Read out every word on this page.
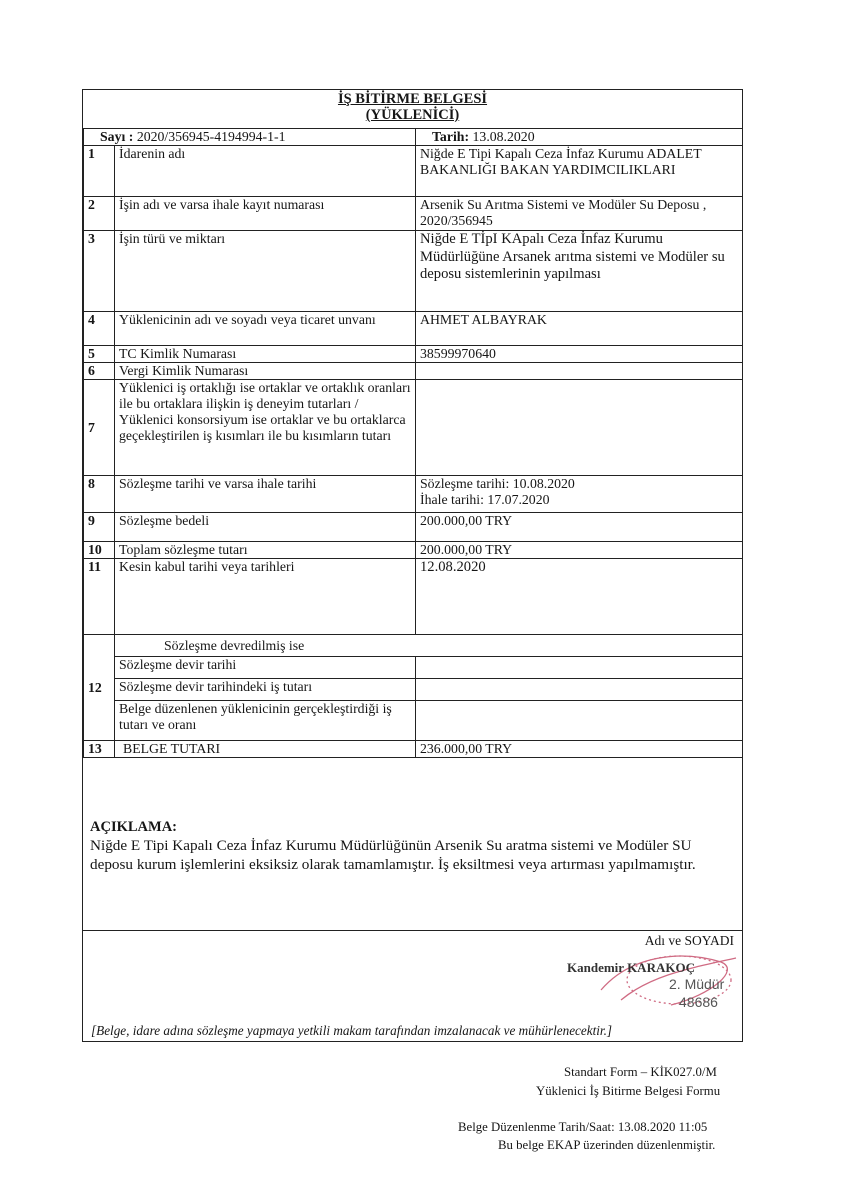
İŞ BİTİRME BELGESİ
(YÜKLENİCİ)
Sayı : 2020/356945-4194994-1-1		Tarih: 13.08.2020
1	İdarenin adı	Niğde E Tipi Kapalı Ceza İnfaz Kurumu ADALET BAKANLIĞI BAKAN YARDIMCILIKLARI
2	İşin adı ve varsa ihale kayıt numarası	Arsenik Su Arıtma Sistemi ve Modüler Su Deposu , 2020/356945
3	İşin türü ve miktarı	Niğde E TİpI KApalı Ceza İnfaz Kurumu Müdürlüğüne Arsanek arıtma sistemi ve Modüler su deposu sistemlerinin yapılması
4	Yüklenicinin adı ve soyadı veya ticaret unvanı	AHMET ALBAYRAK
5	TC Kimlik Numarası	38599970640
6	Vergi Kimlik Numarası	
7	Yüklenici iş ortaklığı ise ortaklar ve ortaklık oranları ile bu ortaklara ilişkin iş deneyim tutarları / Yüklenici konsorsiyum ise ortaklar ve bu ortaklarca geçekleştirilen iş kısımları ile bu kısımların tutarı	
8	Sözleşme tarihi ve varsa ihale tarihi	Sözleşme tarihi: 10.08.2020
İhale tarihi: 17.07.2020

9	Sözleşme bedeli	200.000,00 TRY
10	Toplam sözleşme tutarı	200.000,00 TRY
11	Kesin kabul tarihi veya tarihleri	12.08.2020
12	Sözleşme devredilmiş ise	
	Sözleşme devir tarihi	
	Sözleşme devir tarihindeki iş tutarı	
	Belge düzenlenen yüklenicinin gerçekleştirdiği iş tutarı ve oranı	
13	BELGE TUTARI	236.000,00 TRY
AÇIKLAMA:
Niğde E Tipi Kapalı Ceza İnfaz Kurumu Müdürlüğünün Arsenik Su aratma sistemi ve Modüler SU deposu kurum işlemlerini eksiksiz olarak tamamlamıştır. İş eksiltmesi veya artırması yapılmamıştır.
Adı ve SOYADI
Kandemir KARAKOÇ
2. Müdür
48686
[Belge, idare adına sözleşme yapmaya yetkili makam tarafından imzalanacak ve mühürlenecektir.]
Standart Form – KİK027.0/M
Yüklenici İş Bitirme Belgesi Formu
Belge Düzenlenme Tarih/Saat: 13.08.2020 11:05
Bu belge EKAP üzerinden düzenlenmiştir.
